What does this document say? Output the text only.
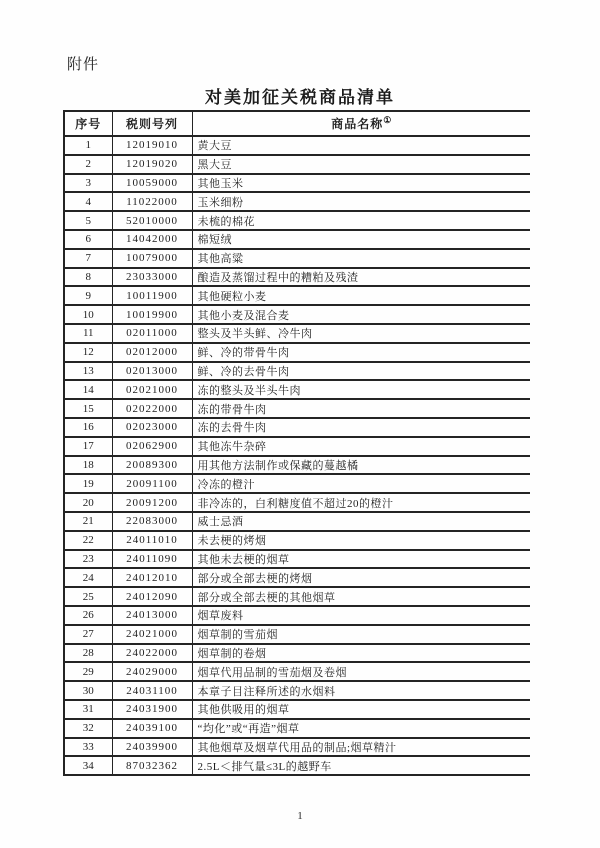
附件
对美加征关税商品清单
序号	税则号列	商品名称①
1	12019010	黄大豆
2	12019020	黑大豆
3	10059000	其他玉米
4	11022000	玉米细粉
5	52010000	未梳的棉花
6	14042000	棉短绒
7	10079000	其他高粱
8	23033000	酿造及蒸馏过程中的糟粕及残渣
9	10011900	其他硬粒小麦
10	10019900	其他小麦及混合麦
11	02011000	整头及半头鲜、冷牛肉
12	02012000	鲜、冷的带骨牛肉
13	02013000	鲜、冷的去骨牛肉
14	02021000	冻的整头及半头牛肉
15	02022000	冻的带骨牛肉
16	02023000	冻的去骨牛肉
17	02062900	其他冻牛杂碎
18	20089300	用其他方法制作或保藏的蔓越橘
19	20091100	冷冻的橙汁
20	20091200	非冷冻的，白利糖度值不超过20的橙汁
21	22083000	威士忌酒
22	24011010	未去梗的烤烟
23	24011090	其他未去梗的烟草
24	24012010	部分或全部去梗的烤烟
25	24012090	部分或全部去梗的其他烟草
26	24013000	烟草废料
27	24021000	烟草制的雪茄烟
28	24022000	烟草制的卷烟
29	24029000	烟草代用品制的雪茄烟及卷烟
30	24031100	本章子目注释所述的水烟料
31	24031900	其他供吸用的烟草
32	24039100	“均化”或“再造”烟草
33	24039900	其他烟草及烟草代用品的制品;烟草精汁
34	87032362	2.5L＜排气量≤3L的越野车
1
